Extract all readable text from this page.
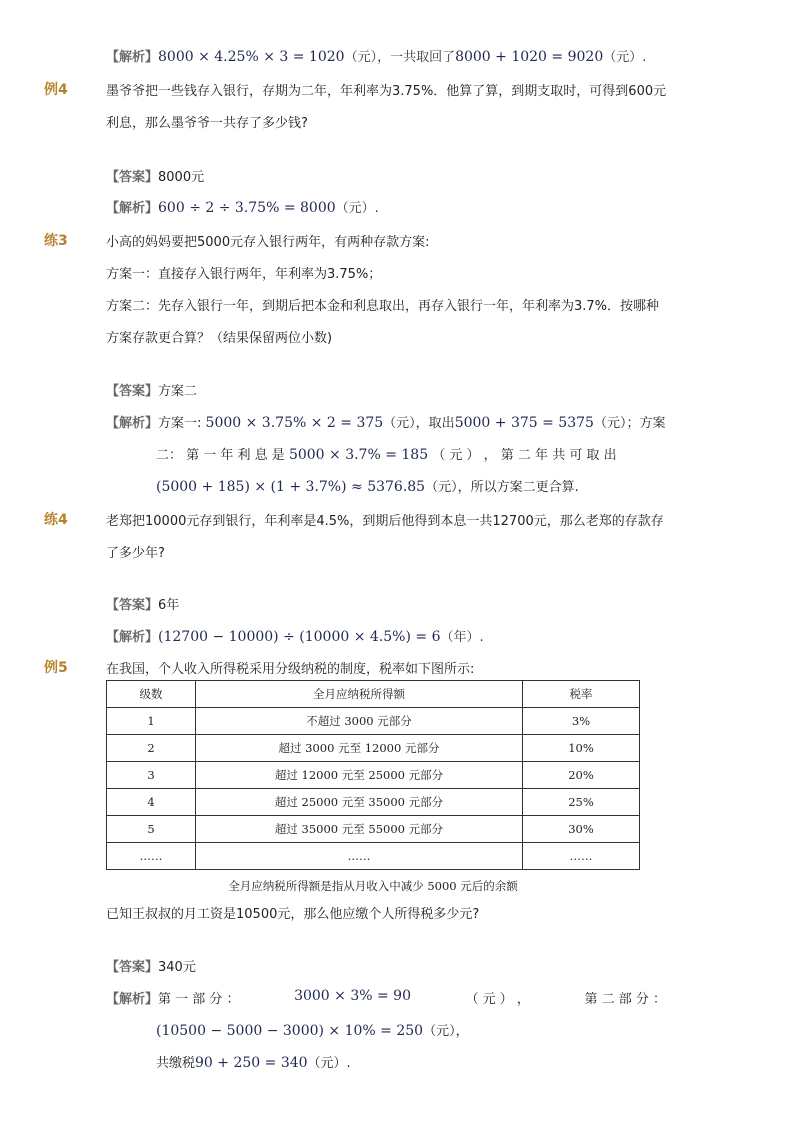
【解析】8000 × 4.25% × 3 = 1020（元），一共取回了8000 + 1020 = 9020（元）.
例4	墨爷爷把一些钱存入银行，存期为二年，年利率为3.75%．他算了算，到期支取时，可得到600元
利息，那么墨爷爷一共存了多少钱?
【答案】8000元
【解析】600 ÷ 2 ÷ 3.75% = 8000（元）.
练3	小高的妈妈要把5000元存入银行两年，有两种存款方案:
方案一：直接存入银行两年，年利率为3.75%；
方案二：先存入银行一年，到期后把本金和利息取出，再存入银行一年，年利率为3.7%．按哪种
方案存款更合算？（结果保留两位小数)
【答案】方案二
【解析】方案一: 5000 × 3.75% × 2 = 375（元），取出5000 + 375 = 5375（元）；方案
二： 第 一 年 利 息 是 5000 × 3.7% = 185 （ 元 ） ， 第 二 年 共 可 取 出
(5000 + 185) × (1 + 3.7%) ≈ 5376.85（元），所以方案二更合算.
练4	老郑把10000元存到银行，年利率是4.5%，到期后他得到本息一共12700元，那么老郑的存款存
了多少年?
【答案】6年
【解析】(12700 − 10000) ÷ (10000 × 4.5%) = 6（年）.
例5	在我国，个人收入所得税采用分级纳税的制度，税率如下图所示:
级数	全月应纳税所得额	税率
1	不超过 3000 元部分	3%
2	超过 3000 元至 12000 元部分	10%
3	超过 12000 元至 25000 元部分	20%
4	超过 25000 元至 35000 元部分	25%
5	超过 35000 元至 55000 元部分	30%
……	……	……
全月应纳税所得额是指从月收入中减少 5000 元后的余额
已知王叔叔的月工资是10500元，那么他应缴个人所得税多少元?
【答案】340元
【解析】第 一 部 分 ：	3000 × 3% = 90	（ 元 ） ，	第 二 部 分 ：
(10500 − 5000 − 3000) × 10% = 250（元），
共缴税90 + 250 = 340（元）.
